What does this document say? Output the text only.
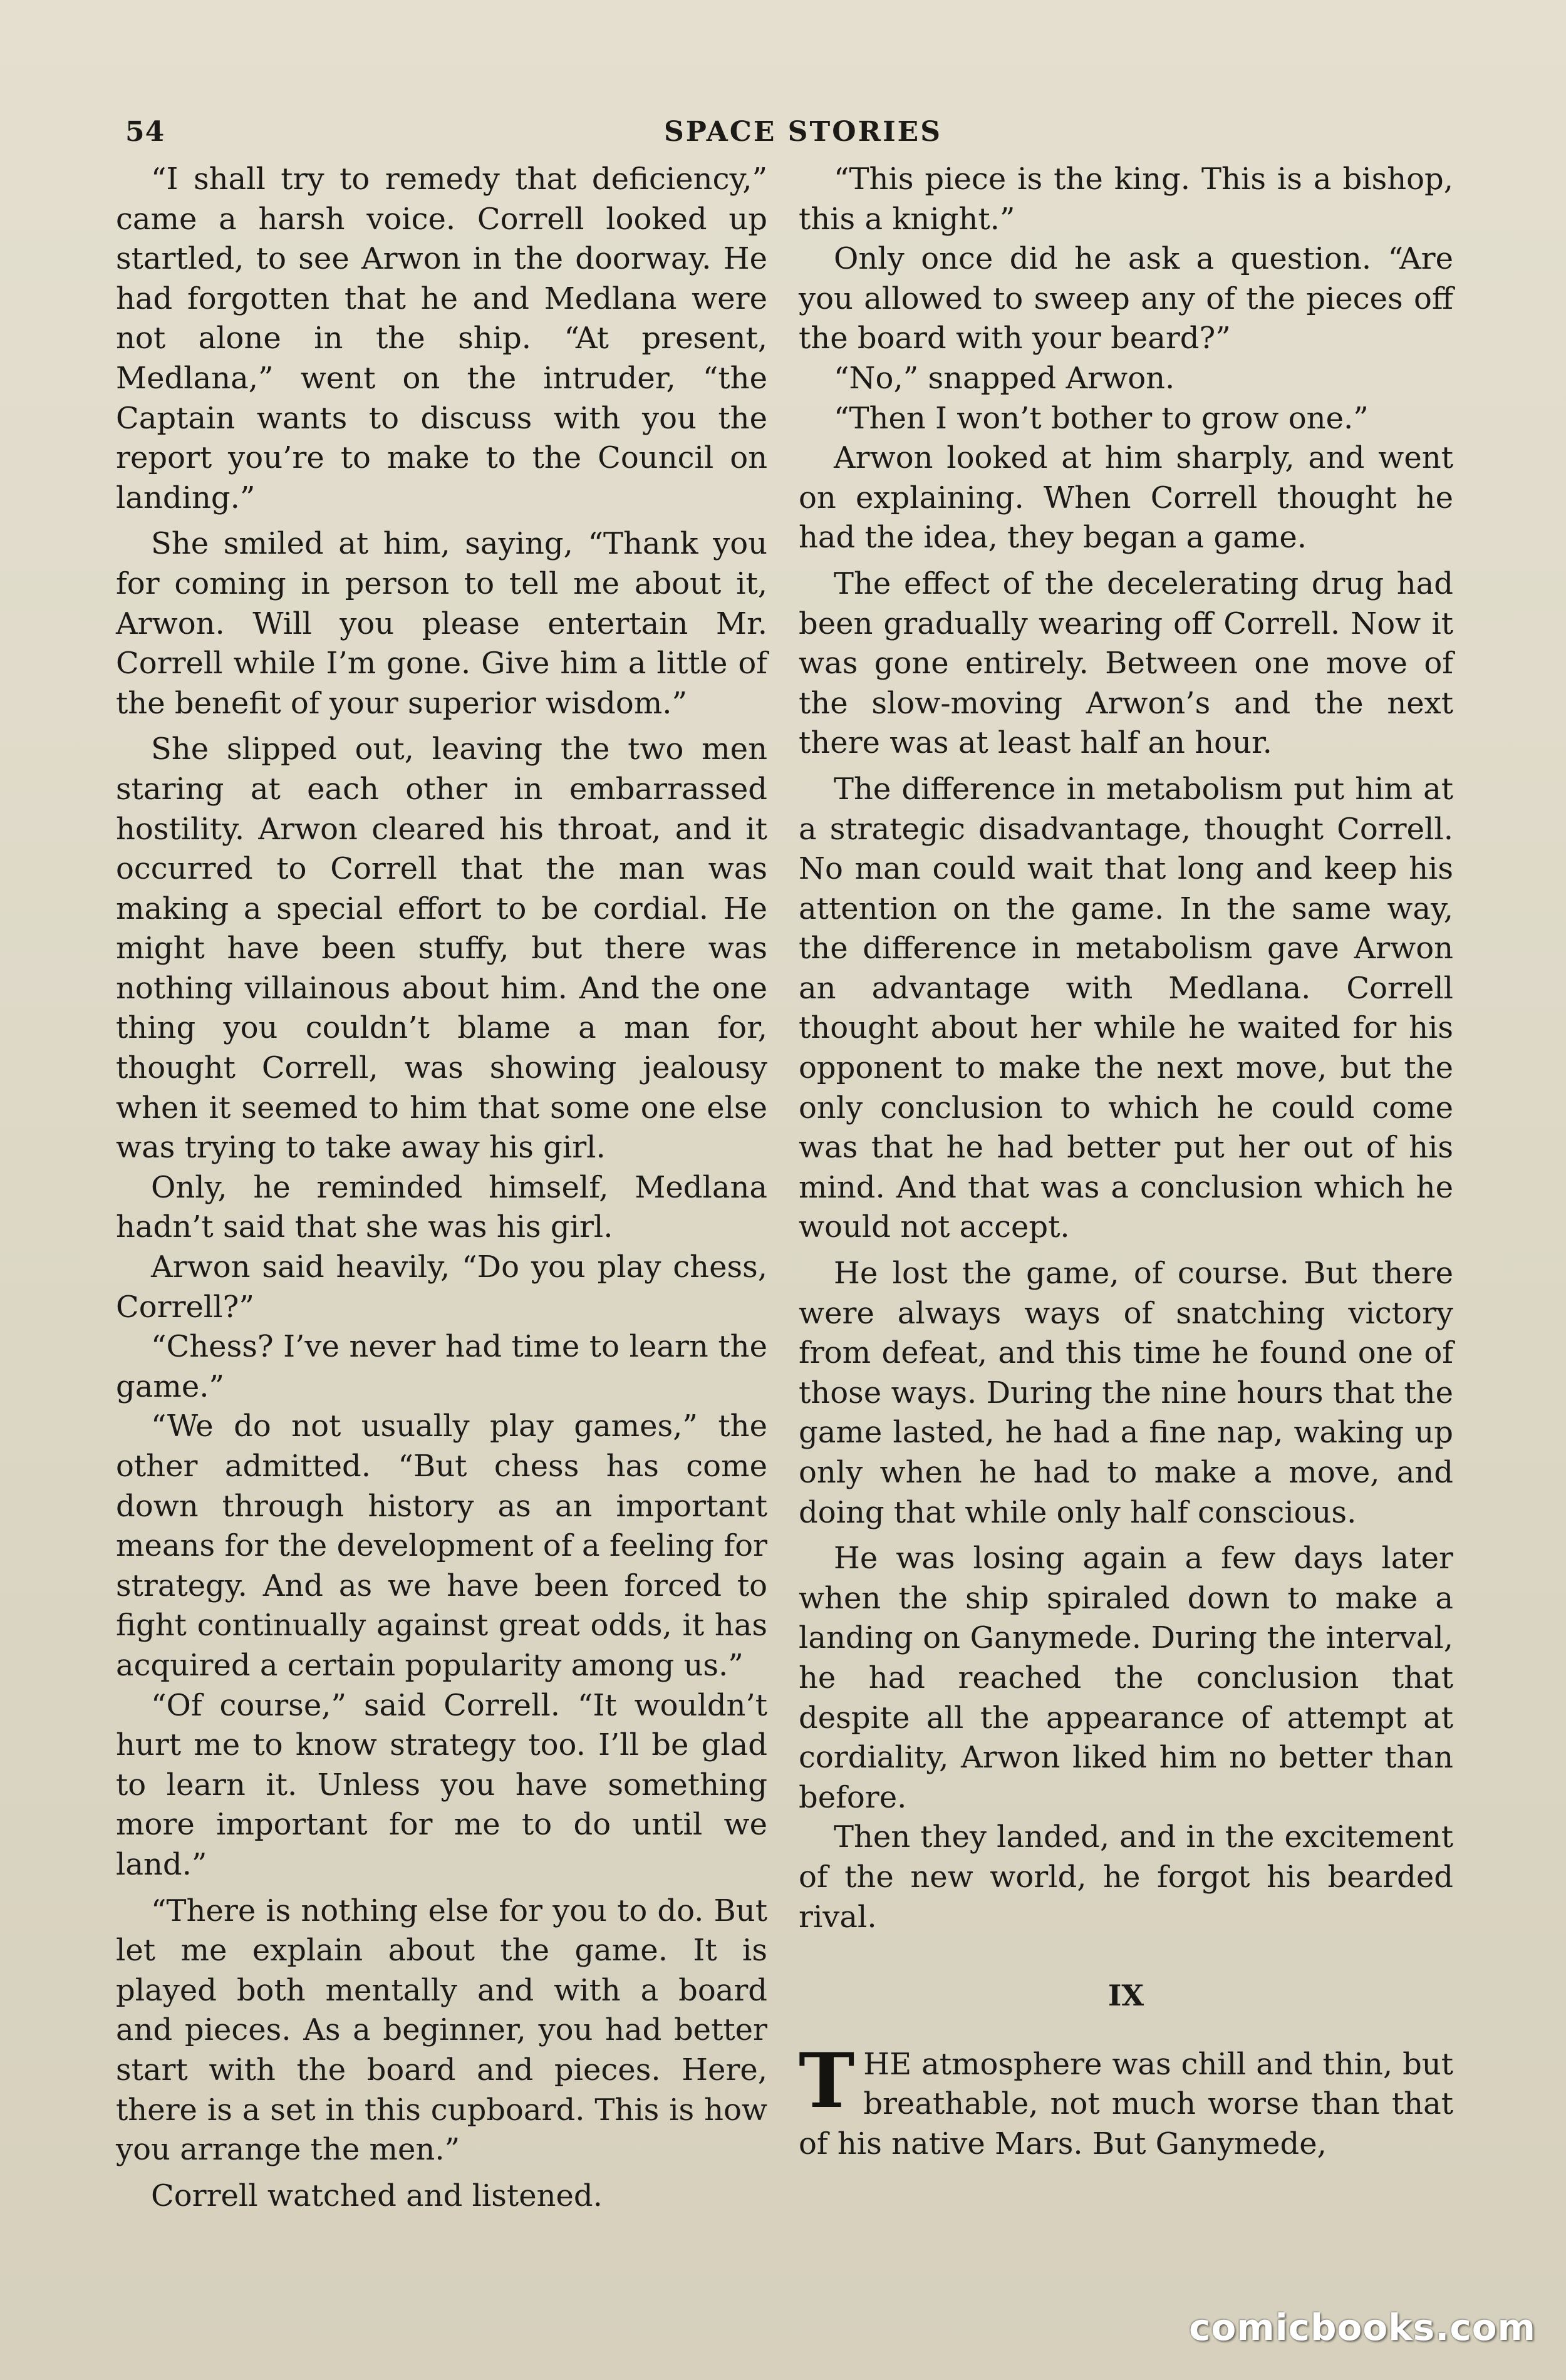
54	SPACE STORIES

“I shall try to remedy that deficiency,” came a harsh voice. Correll looked up startled, to see Arwon in the doorway. He had forgotten that he and Medlana were not alone in the ship. “At present, Medlana,” went on the intruder, “the Captain wants to discuss with you the report you’re to make to the Council on landing.”

She smiled at him, saying, “Thank you for coming in person to tell me about it, Arwon. Will you please entertain Mr. Correll while I’m gone. Give him a little of the benefit of your superior wisdom.”

She slipped out, leaving the two men staring at each other in embarrassed hostility. Arwon cleared his throat, and it occurred to Correll that the man was making a special effort to be cordial. He might have been stuffy, but there was nothing villainous about him. And the one thing you couldn’t blame a man for, thought Correll, was showing jealousy when it seemed to him that some one else was trying to take away his girl.

Only, he reminded himself, Medlana hadn’t said that she was his girl.

Arwon said heavily, “Do you play chess, Correll?”

“Chess? I’ve never had time to learn the game.”

“We do not usually play games,” the other admitted. “But chess has come down through history as an important means for the development of a feeling for strategy. And as we have been forced to fight continually against great odds, it has acquired a certain popularity among us.”

“Of course,” said Correll. “It wouldn’t hurt me to know strategy too. I’ll be glad to learn it. Unless you have something more important for me to do until we land.”

“There is nothing else for you to do. But let me explain about the game. It is played both mentally and with a board and pieces. As a beginner, you had better start with the board and pieces. Here, there is a set in this cupboard. This is how you arrange the men.”

Correll watched and listened.

“This piece is the king. This is a bishop, this a knight.”

Only once did he ask a question. “Are you allowed to sweep any of the pieces off the board with your beard?”

“No,” snapped Arwon.

“Then I won’t bother to grow one.”

Arwon looked at him sharply, and went on explaining. When Correll thought he had the idea, they began a game.

The effect of the decelerating drug had been gradually wearing off Correll. Now it was gone entirely. Between one move of the slow-moving Arwon’s and the next there was at least half an hour.

The difference in metabolism put him at a strategic disadvantage, thought Correll. No man could wait that long and keep his attention on the game. In the same way, the difference in metabolism gave Arwon an advantage with Medlana. Correll thought about her while he waited for his opponent to make the next move, but the only conclusion to which he could come was that he had better put her out of his mind. And that was a conclusion which he would not accept.

He lost the game, of course. But there were always ways of snatching victory from defeat, and this time he found one of those ways. During the nine hours that the game lasted, he had a fine nap, waking up only when he had to make a move, and doing that while only half conscious.

He was losing again a few days later when the ship spiraled down to make a landing on Ganymede. During the interval, he had reached the conclusion that despite all the appearance of attempt at cordiality, Arwon liked him no better than before.

Then they landed, and in the excitement of the new world, he forgot his bearded rival.

IX

THE atmosphere was chill and thin, but breathable, not much worse than that of his native Mars. But Ganymede,

comicbooks.com
